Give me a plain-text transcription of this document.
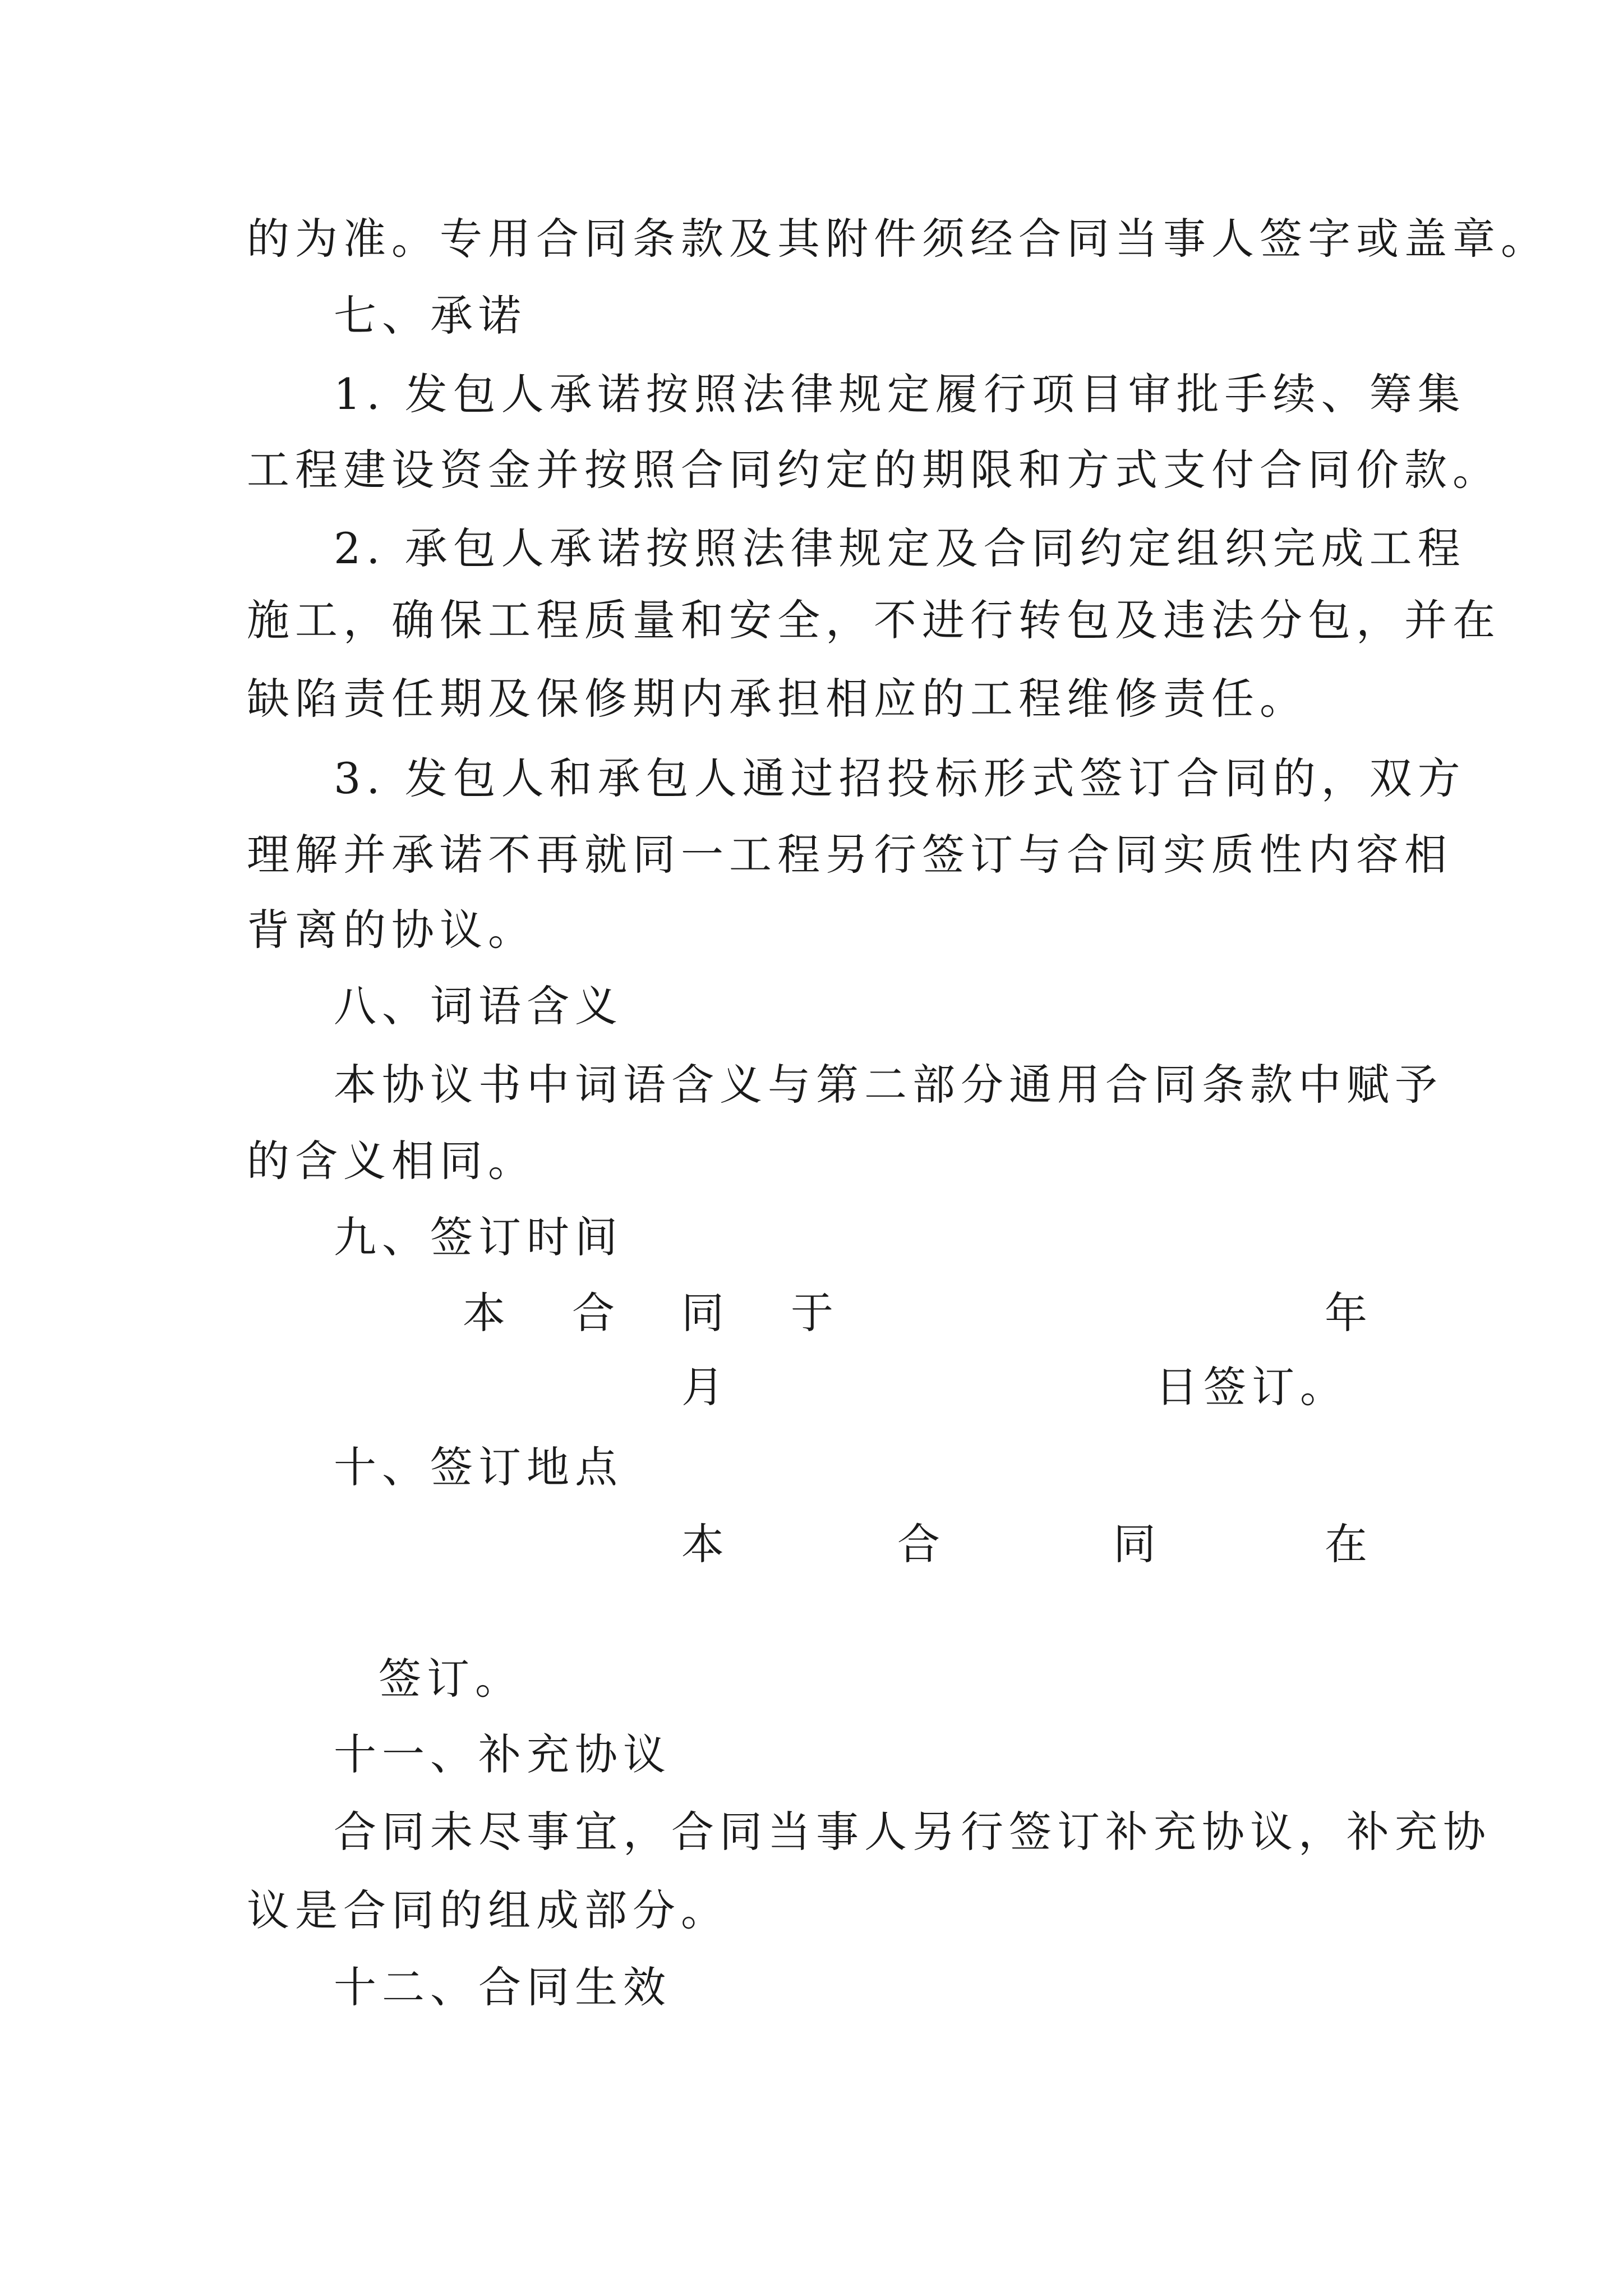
的为准。专用合同条款及其附件须经合同当事人签字或盖章。
七、承诺
1. 发包人承诺按照法律规定履行项目审批手续、筹集
工程建设资金并按照合同约定的期限和方式支付合同价款。
2. 承包人承诺按照法律规定及合同约定组织完成工程
施工，确保工程质量和安全，不进行转包及违法分包，并在
缺陷责任期及保修期内承担相应的工程维修责任。
3. 发包人和承包人通过招投标形式签订合同的，双方
理解并承诺不再就同一工程另行签订与合同实质性内容相
背离的协议。
八、词语含义
本协议书中词语含义与第二部分通用合同条款中赋予
的含义相同。
九、签订时间
本 合 同 于	年
月	日签订。
十、签订地点
本	合	同	在
签订。
十一、补充协议
合同未尽事宜，合同当事人另行签订补充协议，补充协
议是合同的组成部分。
十二、合同生效
